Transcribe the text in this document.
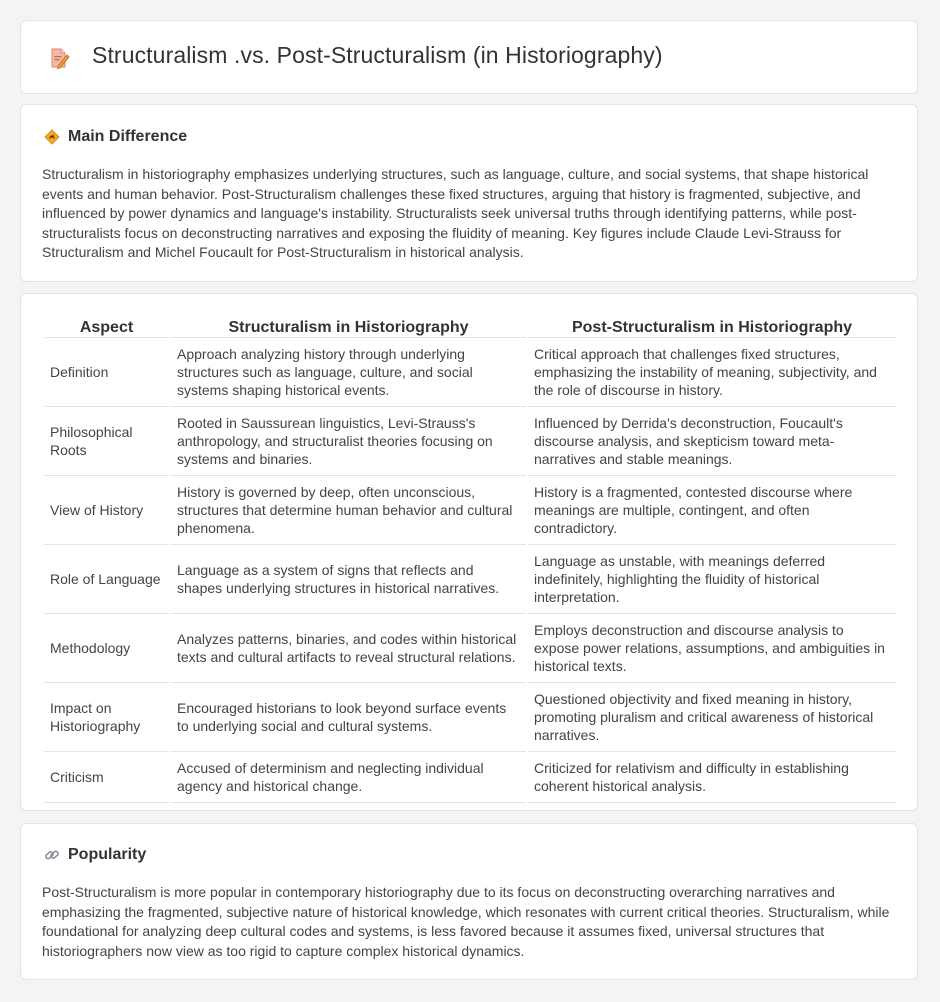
Structuralism .vs. Post-Structuralism (in Historiography)
Main Difference

Structuralism in historiography emphasizes underlying structures, such as language, culture, and social systems, that shape historical events and human behavior. Post-Structuralism challenges these fixed structures, arguing that history is fragmented, subjective, and influenced by power dynamics and language's instability. Structuralists seek universal truths through identifying patterns, while post-structuralists focus on deconstructing narratives and exposing the fluidity of meaning. Key figures include Claude Levi-Strauss for Structuralism and Michel Foucault for Post-Structuralism in historical analysis.

Aspect	Structuralism in Historiography	Post-Structuralism in Historiography
Definition	Approach analyzing history through underlying structures such as language, culture, and social systems shaping historical events.	Critical approach that challenges fixed structures, emphasizing the instability of meaning, subjectivity, and the role of discourse in history.
Philosophical Roots	Rooted in Saussurean linguistics, Levi-Strauss's anthropology, and structuralist theories focusing on systems and binaries.	Influenced by Derrida's deconstruction, Foucault's discourse analysis, and skepticism toward meta-narratives and stable meanings.
View of History	History is governed by deep, often unconscious, structures that determine human behavior and cultural phenomena.	History is a fragmented, contested discourse where meanings are multiple, contingent, and often contradictory.
Role of Language	Language as a system of signs that reflects and shapes underlying structures in historical narratives.	Language as unstable, with meanings deferred indefinitely, highlighting the fluidity of historical interpretation.
Methodology	Analyzes patterns, binaries, and codes within historical texts and cultural artifacts to reveal structural relations.	Employs deconstruction and discourse analysis to expose power relations, assumptions, and ambiguities in historical texts.
Impact on Historiography	Encouraged historians to look beyond surface events to underlying social and cultural systems.	Questioned objectivity and fixed meaning in history, promoting pluralism and critical awareness of historical narratives.
Criticism	Accused of determinism and neglecting individual agency and historical change.	Criticized for relativism and difficulty in establishing coherent historical analysis.
Popularity

Post-Structuralism is more popular in contemporary historiography due to its focus on deconstructing overarching narratives and emphasizing the fragmented, subjective nature of historical knowledge, which resonates with current critical theories. Structuralism, while foundational for analyzing deep cultural codes and systems, is less favored because it assumes fixed, universal structures that historiographers now view as too rigid to capture complex historical dynamics.
